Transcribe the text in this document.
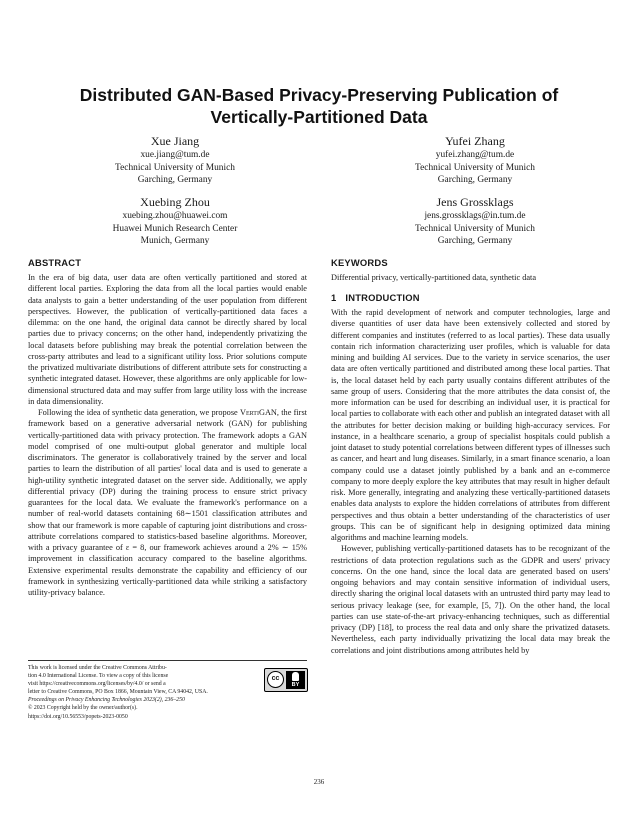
Distributed GAN-Based Privacy-Preserving Publication of
Vertically-Partitioned Data
Xue Jiang
xue.jiang@tum.de
Technical University of Munich
Garching, Germany
Yufei Zhang
yufei.zhang@tum.de
Technical University of Munich
Garching, Germany
Xuebing Zhou
xuebing.zhou@huawei.com
Huawei Munich Research Center
Munich, Germany
Jens Grossklags
jens.grossklags@in.tum.de
Technical University of Munich
Garching, Germany
ABSTRACT

In the era of big data, user data are often vertically partitioned and stored at different local parties. Exploring the data from all the local parties would enable data analysts to gain a better understanding of the user population from different perspectives. However, the publication of vertically-partitioned data faces a dilemma: on the one hand, the original data cannot be directly shared by local parties due to privacy concerns; on the other hand, independently privatizing the local datasets before publishing may break the potential correlation between the cross-party attributes and lead to a significant utility loss. Prior solutions compute the privatized multivariate distributions of different attribute sets for constructing a synthetic integrated dataset. However, these algorithms are only applicable for low-dimensional structured data and may suffer from large utility loss with the increase in data dimensionality.

Following the idea of synthetic data generation, we propose VertiGAN, the first framework based on a generative adversarial network (GAN) for publishing vertically-partitioned data with privacy protection. The framework adopts a GAN model comprised of one multi-output global generator and multiple local discriminators. The generator is collaboratively trained by the server and local parties to learn the distribution of all parties' local data and is used to generate a high-utility synthetic integrated dataset on the server side. Additionally, we apply differential privacy (DP) during the training process to ensure strict privacy guarantees for the local data. We evaluate the framework's performance on a number of real-world datasets containing 68∼1501 classification attributes and show that our framework is more capable of capturing joint distributions and cross-attribute correlations compared to statistics-based baseline algorithms. Moreover, with a privacy guarantee of ε = 8, our framework achieves around a 2% ∼ 15% improvement in classification accuracy compared to the baseline algorithms. Extensive experimental results demonstrate the capability and efficiency of our framework in synthesizing vertically-partitioned data while striking a satisfactory utility-privacy balance.

This work is licensed under the Creative Commons Attribu-
tion 4.0 International License. To view a copy of this license
visit https://creativecommons.org/licenses/by/4.0/ or send a
letter to Creative Commons, PO Box 1866, Mountain View, CA 94042, USA.
Proceedings on Privacy Enhancing Technologies 2023(2), 236–250
© 2023 Copyright held by the owner/author(s).
https://doi.org/10.56553/popets-2023-0050
cc
BY
KEYWORDS

Differential privacy, vertically-partitioned data, synthetic data

1 INTRODUCTION

With the rapid development of network and computer technologies, large and diverse quantities of user data have been extensively collected and stored by different companies and institutes (referred to as local parties). These data usually contain rich information characterizing user profiles, which is valuable for data mining and building AI services. Due to the variety in service scenarios, the user data are often vertically partitioned and distributed among these local parties. That is, the local dataset held by each party usually contains different attributes of the same group of users. Considering that the more attributes the data consist of, the more information can be used for describing an individual user, it is practical for local parties to collaborate with each other and publish an integrated dataset with all the attributes for better decision making or building high-accuracy services. For instance, in a healthcare scenario, a group of specialist hospitals could publish a joint dataset to study potential correlations between different types of illnesses such as cancer, and heart and lung diseases. Similarly, in a smart finance scenario, a loan company could use a dataset jointly published by a bank and an e-commerce company to more deeply explore the key attributes that may result in higher default risk. More generally, integrating and analyzing these vertically-partitioned datasets enables data analysts to explore the hidden correlations of attributes from different perspectives and thus obtain a better understanding of the characteristics of user groups. This can be of significant help in designing optimized data mining algorithms and machine learning models.

However, publishing vertically-partitioned datasets has to be recognizant of the restrictions of data protection regulations such as the GDPR and users' privacy concerns. On the one hand, since the local data are generated based on users' ongoing behaviors and may contain sensitive information of individual users, directly sharing the original local datasets with an untrusted third party may lead to serious privacy leakage (see, for example, [5, 7]). On the other hand, the local parties can use state-of-the-art privacy-enhancing techniques, such as differential privacy (DP) [18], to process the real data and only share the privatized datasets. Nevertheless, each party individually privatizing the local data may break the correlations and joint distributions among attributes held by

236
